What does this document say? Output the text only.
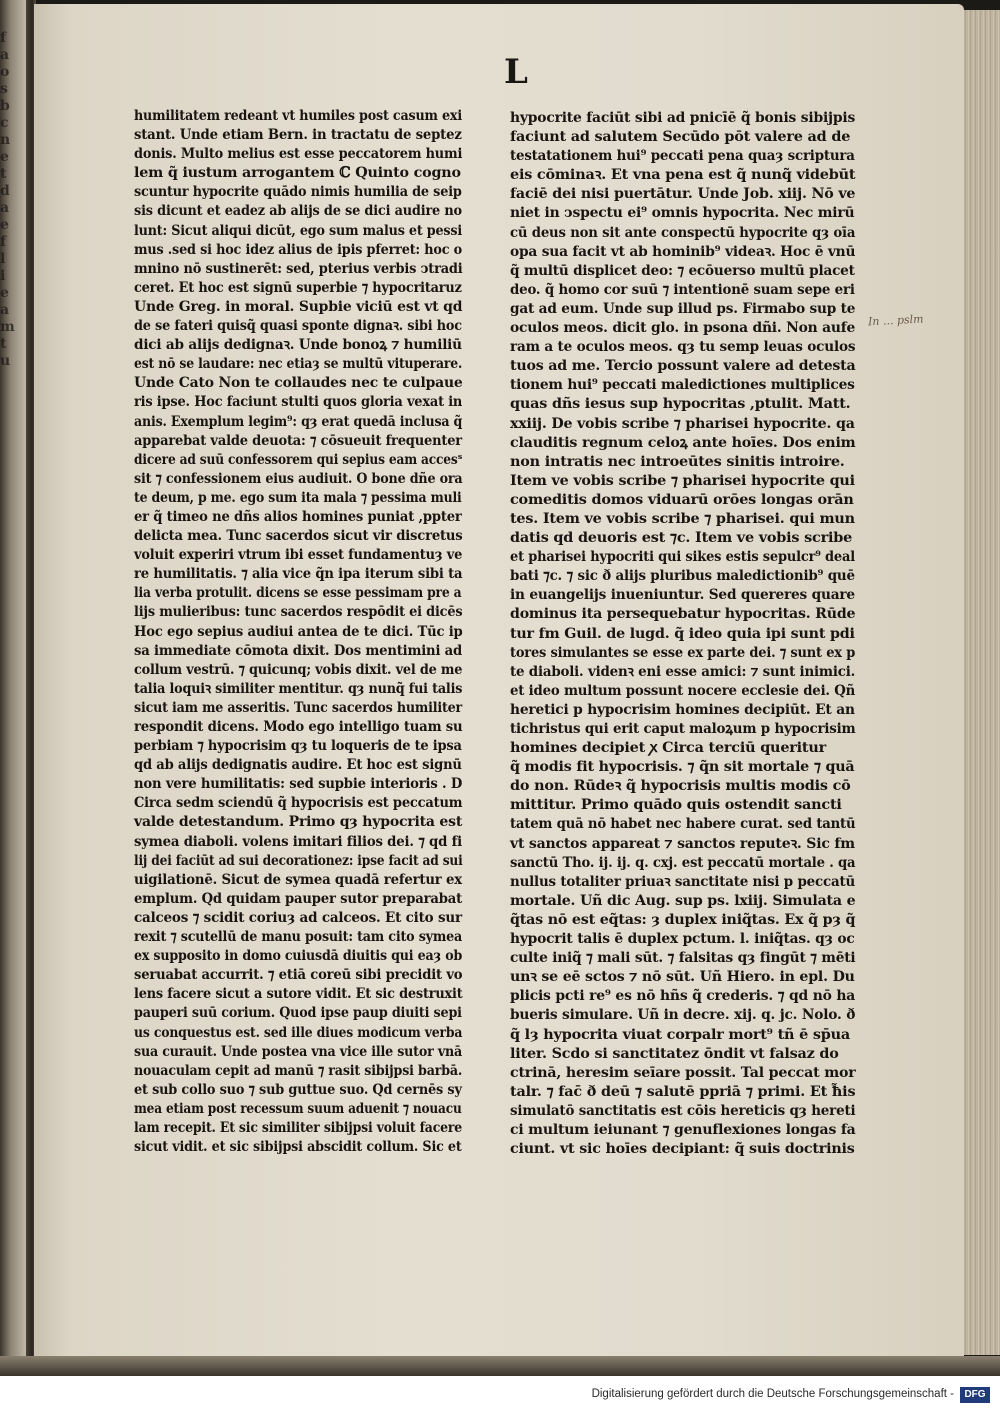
f
a
o
s
b
c
n
e
t
d
a
e
f
l
i
e
a
m
t
u
L
humilitatem redeant vt humiles post casum exi
stant. Unde etiam Bern. in tractatu de septez
donis. Multo melius est esse peccatorem humi
lem q̃ iustum arrogantem ℂ Quinto cogno
scuntur hypocrite quādo nimis humilia de seip
sis dicunt et eadez ab alijs de se dici audire no
lunt: Sicut aliqui dicūt, ego sum malus et pessi
mus .sed si hoc idez alius de ipis pferret: hoc o
mnino nō sustinerēt: sed, pterius verbis ↄtradi
ceret. Et hoc est signū superbie ⁊ hypocritaruz
Unde Greg. in moral. Supbie viciū est vt qd
de se fateri quisq̃ quasi sponte dignaꝛ. sibi hoc
dici ab alijs dedignaꝛ. Unde bonoꝝ ⁊ humiliū
est nō se laudare: nec etiaȝ se multū vituperare.
Unde Cato Non te collaudes nec te culpaue
ris ipse. Hoc faciunt stulti quos gloria vexat in
anis. Exemplum legim⁹: qȝ erat quedā inclusa q̃
apparebat valde deuota: ⁊ cōsueuit frequenter
dicere ad suū confessorem qui sepius eam accesˢ
sit ⁊ confessionem eius audiuit. O bone dñe ora
te deum, p me. ego sum ita mala ⁊ pessima muli
er q̃ timeo ne dñs alios homines puniat ,ppter
delicta mea. Tunc sacerdos sicut vir discretus
voluit experiri vtrum ibi esset fundamentuȝ ve
re humilitatis. ⁊ alia vice q̃n ipa iterum sibi ta
lia verba protulit. dicens se esse pessimam pre a
lijs mulieribus: tunc sacerdos respōdit ei dicēs
Hoc ego sepius audiui antea de te dici. Tūc ip
sa immediate cōmota dixit. Dos mentimini ad
collum vestrū. ⁊ quicunq; vobis dixit. vel de me
talia loquiꝛ similiter mentitur. qȝ nunq̃ fui talis
sicut iam me asseritis. Tunc sacerdos humiliter
respondit dicens. Modo ego intelligo tuam su
perbiam ⁊ hypocrisim qȝ tu loqueris de te ipsa
qd ab alijs dedignatis audire. Et hoc est signū
non vere humilitatis: sed supbie interioris . D
Circa sedm sciendū q̃ hypocrisis est peccatum
valde detestandum. Primo qȝ hypocrita est
symea diaboli. volens imitari filios dei. ⁊ qd fi
lij dei faciūt ad sui decorationez: ipse facit ad sui
uigilationē. Sicut de symea quadā refertur ex
emplum. Qd quidam pauper sutor preparabat
calceos ⁊ scidit coriuȝ ad calceos. Et cito sur
rexit ⁊ scutellū de manu posuit: tam cito symea
ex supposito in domo cuiusdā diuitis qui eaȝ ob
seruabat accurrit. ⁊ etiā coreū sibi precidit vo
lens facere sicut a sutore vidit. Et sic destruxit
pauperi suū corium. Quod ipse paup diuiti sepi
us conquestus est. sed ille diues modicum verba
sua curauit. Unde postea vna vice ille sutor vnā
nouaculam cepit ad manū ⁊ rasit sibijpsi barbā.
et sub collo suo ⁊ sub guttue suo. Qd cernēs sy
mea etiam post recessum suum aduenit ⁊ nouacu
lam recepit. Et sic similiter sibijpsi voluit facere
sicut vidit. et sic sibijpsi abscidit collum. Sic et
hypocrite faciūt sibi ad pnicīē q̃ bonis sibijpis
faciunt ad salutem Secūdo pōt valere ad de
testatationem hui⁹ peccati pena quaȝ scriptura
eis cōminaꝛ. Et vna pena est q̃ nunq̃ videbūt
faciē dei nisi puertātur. Unde Job. xiij. Nō ve
niet in ↄspectu ei⁹ omnis hypocrita. Nec mirū
cū deus non sit ante conspectū hypocrite qȝ oīa
opa sua facit vt ab hominib⁹ videaꝛ. Hoc ē vnū
q̃ multū displicet deo: ⁊ ecōuerso multū placet
deo. q̃ homo cor suū ⁊ intentionē suam sepe eri
gat ad eum. Unde sup illud ps. Firmabo sup te
oculos meos. dicit glo. in psona dñi. Non aufe
ram a te oculos meos. qȝ tu semp leuas oculos
tuos ad me. Tercio possunt valere ad detesta
tionem hui⁹ peccati maledictiones multiplices
quas dñs iesus sup hypocritas ,ptulit. Matt.
xxiij. De vobis scribe ⁊ pharisei hypocrite. qa
clauditis regnum celoꝝ ante hoīes. Dos enim
non intratis nec introeūtes sinitis introire.
Item ve vobis scribe ⁊ pharisei hypocrite qui
comeditis domos viduarū orōes longas orān
tes. Item ve vobis scribe ⁊ pharisei. qui mun
datis qd deuoris est ⁊c. Item ve vobis scribe
et pharisei hypocriti qui sikes estis sepulcr⁹ deal
bati ⁊c. ⁊ sic ð alijs pluribus maledictionib⁹ quē
in euangelijs inueniuntur. Sed quereres quare
dominus ita persequebatur hypocritas. Rūde
tur fm Guil. de lugd. q̃ ideo quia ipi sunt pdi
tores simulantes se esse ex parte dei. ⁊ sunt ex p
te diaboli. videnꝛ eni esse amici: ⁊ sunt inimici.
et ideo multum possunt nocere ecclesie dei. Qñ
heretici p hypocrisim homines decipiūt. Et an
tichristus qui erit caput maloꝝum p hypocrisim
homines decipiet ꭗ Circa terciū queritur
q̃ modis fit hypocrisis. ⁊ q̃n sit mortale ⁊ quā
do non. Rūdeꝛ q̃ hypocrisis multis modis cō
mittitur. Primo quādo quis ostendit sancti
tatem quā nō habet nec habere curat. sed tantū
vt sanctos appareat ⁊ sanctos reputeꝛ. Sic fm
sanctū Tho. ij. ij. q. cxj. est peccatū mortale . qa
nullus totaliter priuaꝛ sanctitate nisi p peccatū
mortale. Uñ dic Aug. sup ps. lxiij. Simulata e
q̃tas nō est eq̃tas: ȝ duplex iniq̃tas. Ex q̃ pȝ q̃
hypocrit talis ē duplex pctum. l. iniq̃tas. qȝ oc
culte iniq̃ ⁊ mali sūt. ⁊ falsitas qȝ fingūt ⁊ mēti
unꝛ se eē sctos ⁊ nō sūt. Uñ Hiero. in epl. Du
plicis pcti re⁹ es nō hñs q̃ crederis. ⁊ qd nō ha
bueris simulare. Uñ in decre. xij. q. jc. Nolo. ð
q̃ lȝ hypocrita viuat corpalr mort⁹ tñ ē sp̄ua
liter. Scdo si sanctitatez ōndit vt falsaz do
ctrinā, heresim seīare possit. Tal peccat mor
talr. ⁊ fac̄ ð deū ⁊ salutē ppriā ⁊ primi. Et ħ̃is
simulatō sanctitatis est cōis hereticis qȝ hereti
ci multum ieiunant ⁊ genuflexiones longas fa
ciunt. vt sic hoīes decipiant: q̃ suis doctrinis
In ... pslm
Digitalisierung gefördert durch die Deutsche Forschungsgemeinschaft -	DFG
